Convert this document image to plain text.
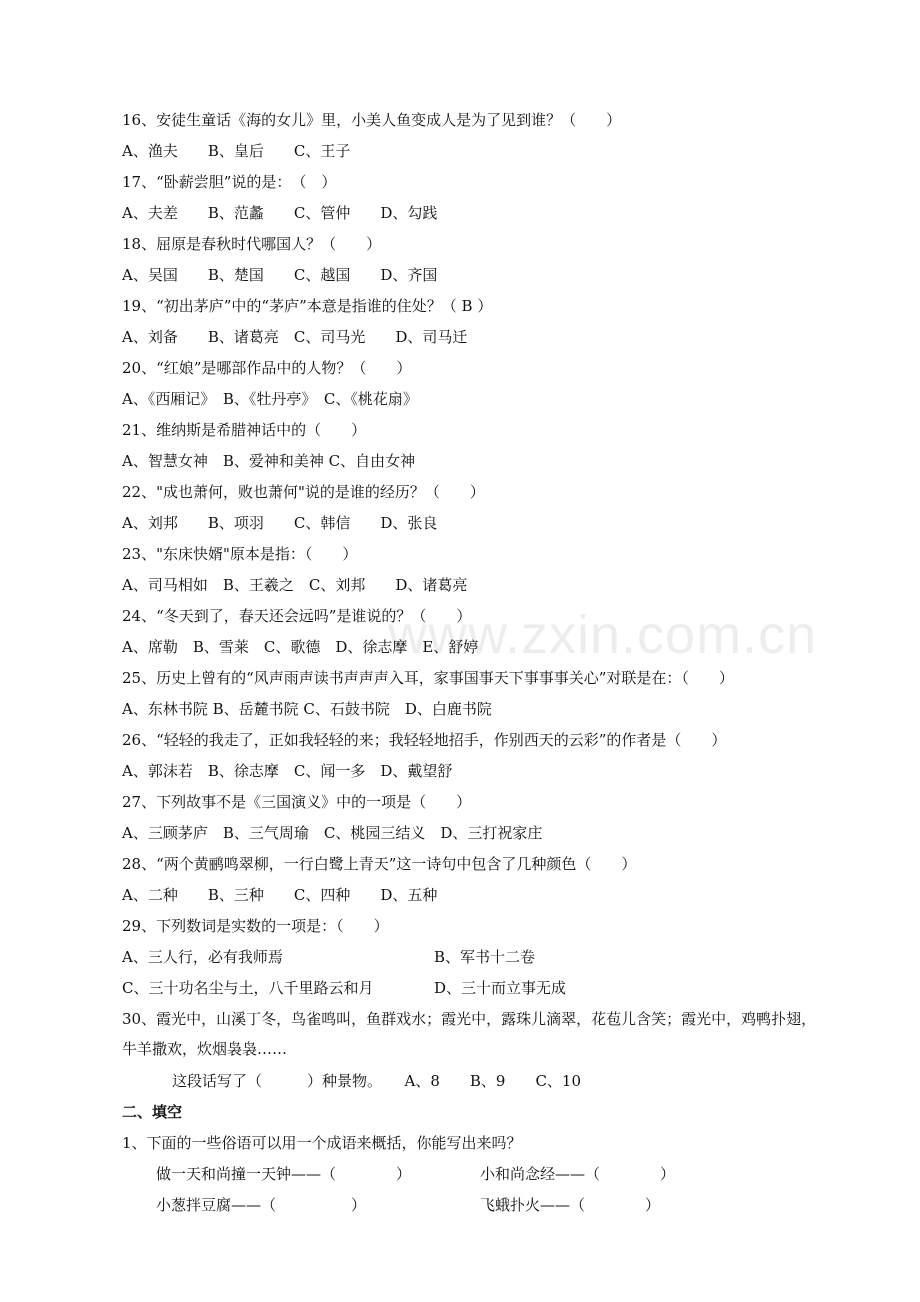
www.zxin.com.cn
16、安徒生童话《海的女儿》里，小美人鱼变成人是为了见到谁？（　　）
A、渔夫　　B、皇后　　C、王子
17、“卧薪尝胆”说的是：　（　）
A、夫差　　B、范蠡　　C、管仲　　D、勾践
18、屈原是春秋时代哪国人？（　　）
A、吴国　　B、楚国　　C、越国　　D、齐国
19、“初出茅庐”中的“茅庐”本意是指谁的住处？（ B ）
A、刘备　　B、诸葛亮　C、司马光　　D、司马迁
20、“红娘”是哪部作品中的人物？（　　）
A、《西厢记》　B、《牡丹亭》　C、《桃花扇》
21、维纳斯是希腊神话中的（　　）
A、智慧女神　B、爱神和美神 C、自由女神
22、"成也萧何，败也萧何"说的是谁的经历？（　　）
A、刘邦　　B、项羽　　C、韩信　　D、张良
23、"东床快婿"原本是指：（　　）
A、司马相如　B、王羲之　C、刘邦　　D、诸葛亮
24、“冬天到了，春天还会远吗”是谁说的？（　　）
A、席勒　B、雪莱　C、歌德　D、徐志摩　E、舒婷
25、历史上曾有的“风声雨声读书声声声入耳，家事国事天下事事事关心”对联是在：（　　）
A、东林书院 B、岳麓书院 C、石鼓书院　D、白鹿书院
26、“轻轻的我走了，正如我轻轻的来；我轻轻地招手，作别西天的云彩”的作者是（　　）
A、郭沫若　B、徐志摩　C、闻一多　D、戴望舒
27、下列故事不是《三国演义》中的一项是（　　）
A、三顾茅庐　B、三气周瑜　C、桃园三结义　D、三打祝家庄
28、“两个黄鹂鸣翠柳，一行白鹭上青天”这一诗句中包含了几种颜色（　　）
A、二种　　B、三种　　C、四种　　D、五种
29、下列数词是实数的一项是：（　　）
A、三人行，必有我师焉	B、军书十二卷
C、三十功名尘与土，八千里路云和月	D、三十而立事无成
30、霞光中，山溪丁冬，鸟雀鸣叫，鱼群戏水；霞光中，露珠儿滴翠，花苞儿含笑；霞光中，鸡鸭扑翅，牛羊撒欢，炊烟袅袅……
这段话写了（　　　）种景物。　　A、8　　B、9　　C、10
二、填空
1、下面的一些俗语可以用一个成语来概括，你能写出来吗？
做一天和尚撞一天钟——（　　　　）	小和尚念经——（　　　　）
小葱拌豆腐——（　　　　　）	飞蛾扑火——（　　　　）
